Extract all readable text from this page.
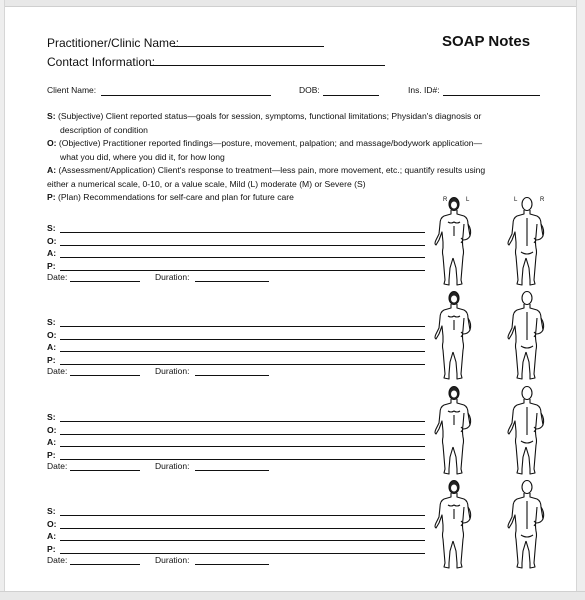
Practitioner/Clinic Name:	SOAP Notes
Contact Information:
Client Name:	DOB:	Ins. ID#:
S: (Subjective) Client reported status—goals for session, symptoms, functional limitations; Physidan's diagnosis or
description of condition
O: (Objective) Practitioner reported findings—posture, movement, palpation; and massage/bodywork application—
what you did, where you did it, for how long
A: (Assessment/Application) Client's response to treatment—less pain, more movement, etc.; quantify results using
either a numerical scale, 0-10, or a value scale, Mild (L) moderate (M) or Severe (S)
P: (Plan) Recommendations for self-care and plan for future care
S:
O:
A:
P:
Date:	Duration:
R	L	L	R
S:
O:
A:
P:
Date:	Duration:
S:
O:
A:
P:
Date:	Duration:
S:
O:
A:
P:
Date:	Duration:
